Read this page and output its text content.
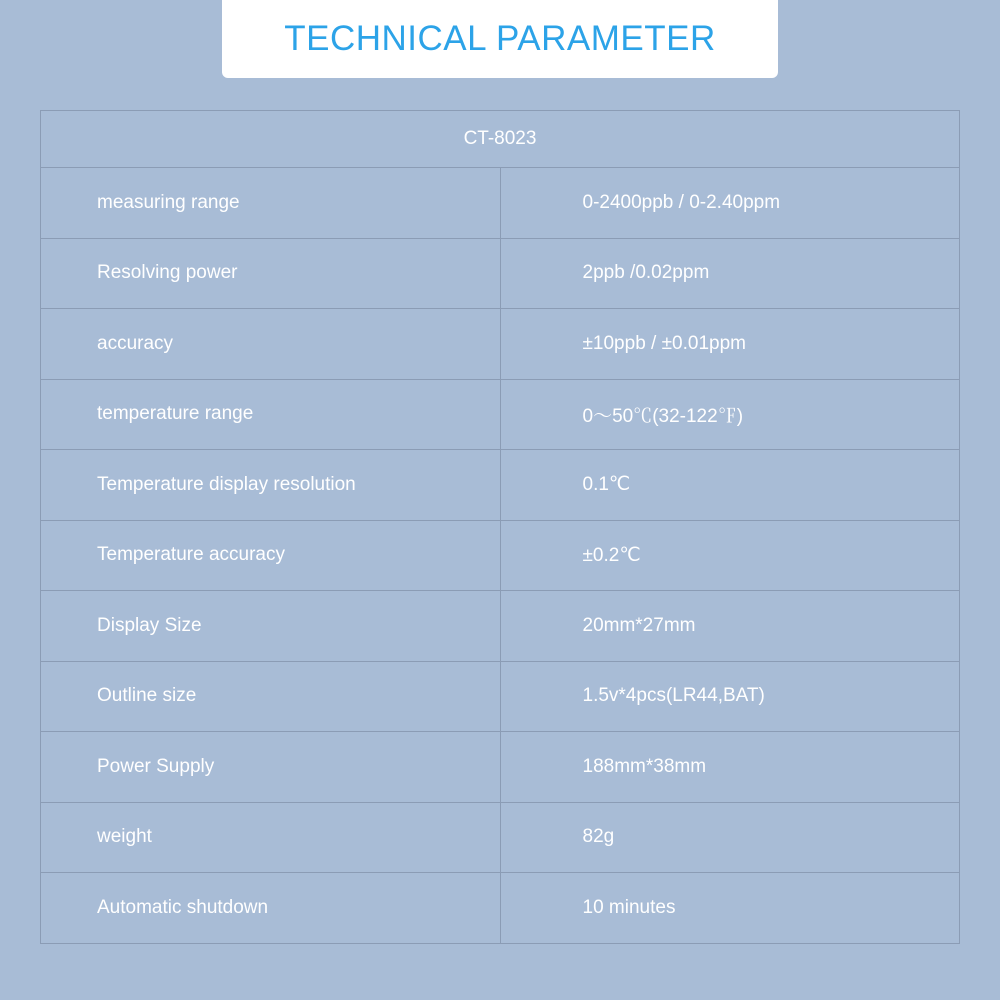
TECHNICAL PARAMETER
CT-8023	
measuring range	0-2400ppb / 0-2.40ppm
Resolving power	2ppb /0.02ppm
accuracy	±10ppb / ±0.01ppm
temperature range	0～50℃(32-122℉)
Temperature display resolution	0.1℃
Temperature accuracy	±0.2℃
Display Size	20mm*27mm
Outline size	1.5v*4pcs(LR44,BAT)
Power Supply	188mm*38mm
weight	82g
Automatic shutdown	10 minutes
